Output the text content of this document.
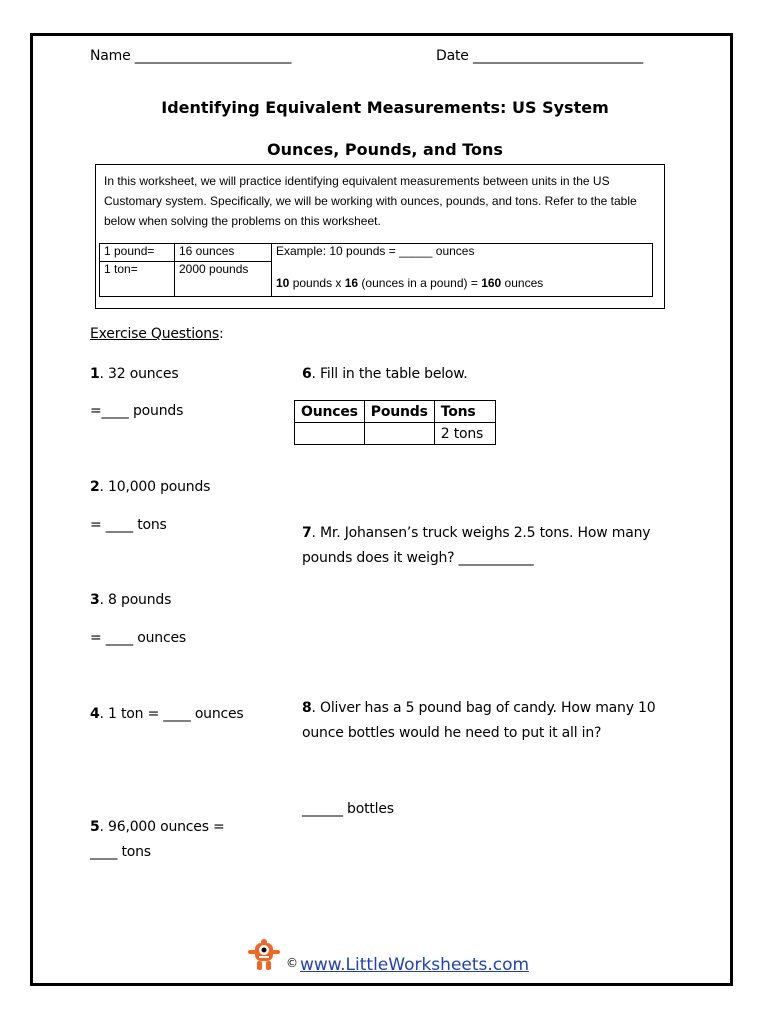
Name _______________________	Date _________________________
Identifying Equivalent Measurements: US System
Ounces, Pounds, and Tons
In this worksheet, we will practice identifying equivalent measurements between units in the US Customary system. Specifically, we will be working with ounces, pounds, and tons. Refer to the table below when solving the problems on this worksheet.
1 pound=	16 ounces	Example: 10 pounds = _____ ounces
10 pounds x 16 (ounces in a pound) = 160 ounces

1 ton=	2000 pounds	
Exercise Questions:
1. 32 ounces
=____ pounds
2. 10,000 pounds
= ____ tons
3. 8 pounds
= ____ ounces
4. 1 ton = ____ ounces
5. 96,000 ounces =
____ tons
6. Fill in the table below.
Ounces	Pounds	Tons
		2 tons
7. Mr. Johansen’s truck weighs 2.5 tons. How many
pounds does it weigh? ___________
8. Oliver has a 5 pound bag of candy. How many 10
ounce bottles would he need to put it all in?
______ bottles
© www.LittleWorksheets.com
